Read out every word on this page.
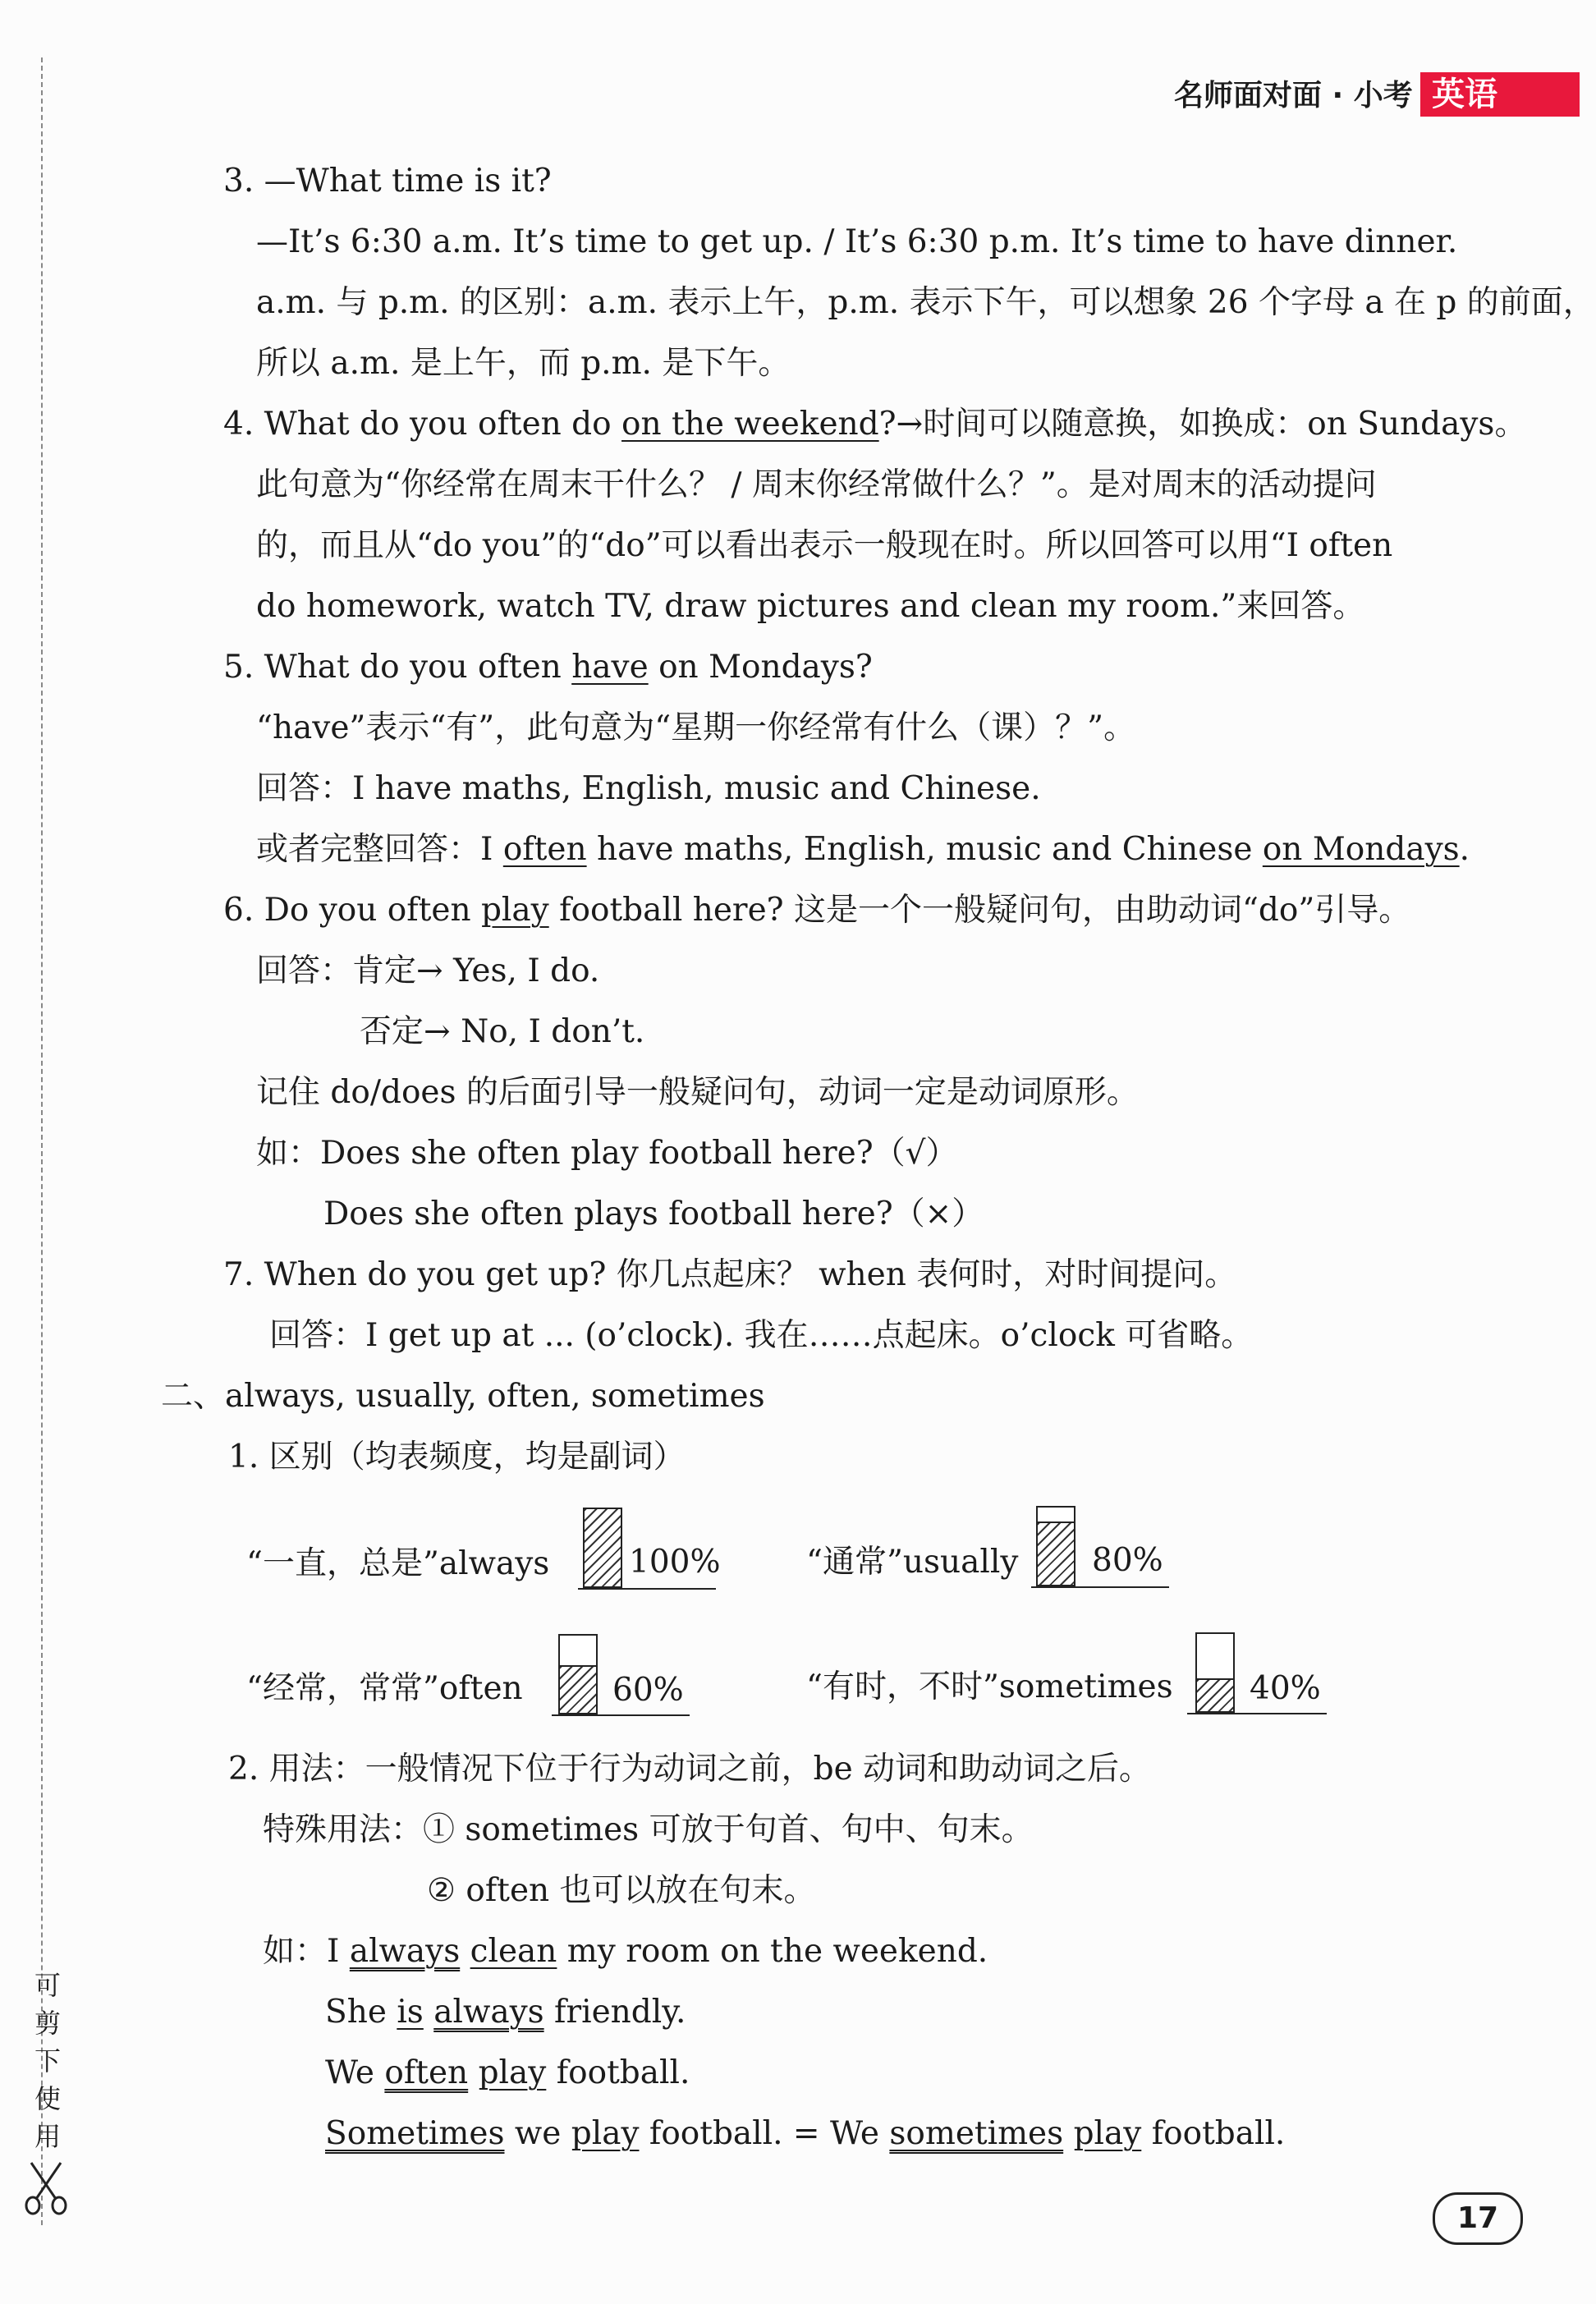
可
剪
下
使
用
名师面对面 · 小考 英语
3. —What time is it?
—It’s 6:30 a.m. It’s time to get up. / It’s 6:30 p.m. It’s time to have dinner.
a.m. 与 p.m. 的区别：a.m. 表示上午，p.m. 表示下午，可以想象 26 个字母 a 在 p 的前面，
所以 a.m. 是上午，而 p.m. 是下午。
4. What do you often do on the weekend?→时间可以随意换，如换成：on Sundays。
此句意为“你经常在周末干什么？ / 周末你经常做什么？”。是对周末的活动提问
的，而且从“do you”的“do”可以看出表示一般现在时。所以回答可以用“I often
do homework, watch TV, draw pictures and clean my room.”来回答。
5. What do you often have on Mondays?
“have”表示“有”，此句意为“星期一你经常有什么（课）？”。
回答：I have maths, English, music and Chinese.
或者完整回答：I often have maths, English, music and Chinese on Mondays.
6. Do you often play football here? 这是一个一般疑问句，由助动词“do”引导。
回答：肯定→ Yes, I do.
否定→ No, I don’t.
记住 do/does 的后面引导一般疑问句，动词一定是动词原形。
如：Does she often play football here?（√）
Does she often plays football here?（×）
7. When do you get up? 你几点起床？ when 表何时，对时间提问。
回答：I get up at ... (o’clock). 我在……点起床。o’clock 可省略。
二、always, usually, often, sometimes
1. 区别（均表频度，均是副词）
“一直，总是”always 100%	“通常”usually 80%
“经常，常常”often	60%	“有时，不时”sometimes 40%
2. 用法：一般情况下位于行为动词之前，be 动词和助动词之后。
特殊用法：① sometimes 可放于句首、句中、句末。
② often 也可以放在句末。
如：I always clean my room on the weekend.
She is always friendly.
We often play football.
Sometimes we play football. = We sometimes play football.
17
